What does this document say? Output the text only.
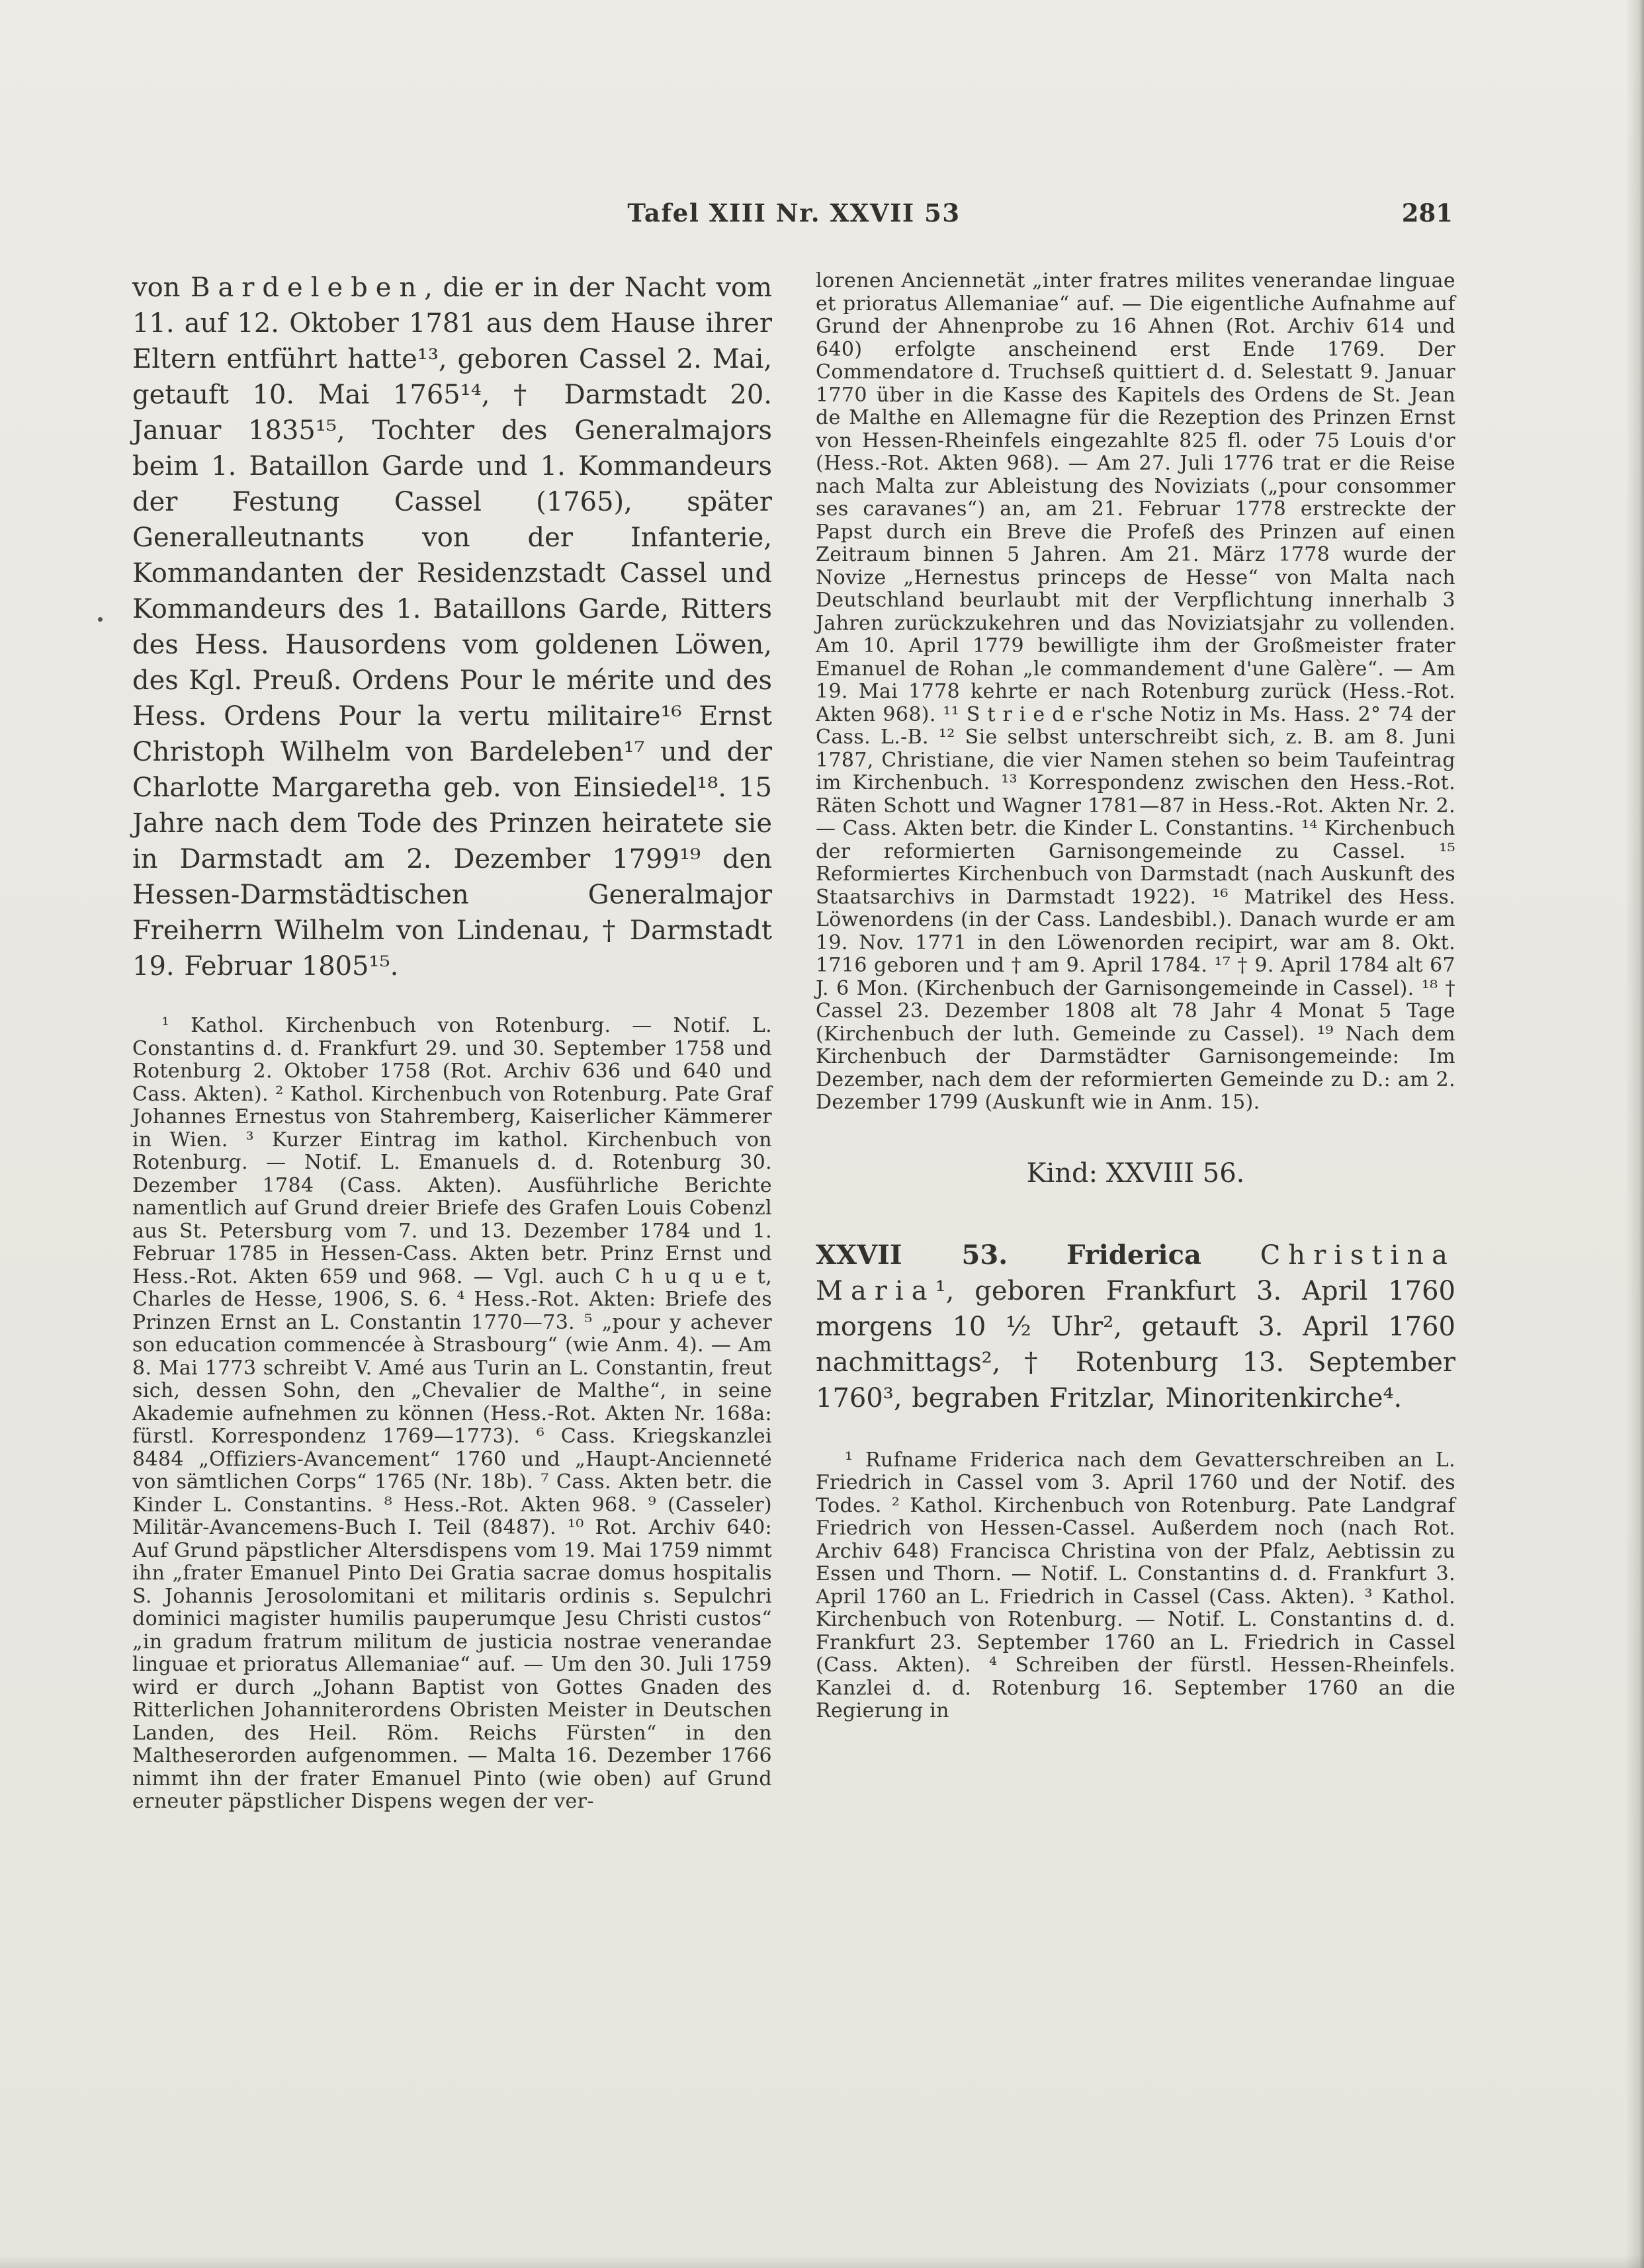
Tafel XIII Nr. XXVII 53	281

von Bardeleben, die er in der Nacht vom 11. auf 12. Oktober 1781 aus dem Hause ihrer Eltern entführt hatte¹³, geboren Cassel 2. Mai, getauft 10. Mai 1765¹⁴, † Darmstadt 20. Januar 1835¹⁵, Tochter des Generalmajors beim 1. Bataillon Garde und 1. Kommandeurs der Festung Cassel (1765), später Generalleutnants von der Infanterie, Kommandanten der Residenzstadt Cassel und Kommandeurs des 1. Bataillons Garde, Ritters des Hess. Hausordens vom goldenen Löwen, des Kgl. Preuß. Ordens Pour le mérite und des Hess. Ordens Pour la vertu militaire¹⁶ Ernst Christoph Wilhelm von Bardeleben¹⁷ und der Charlotte Margaretha geb. von Einsiedel¹⁸. 15 Jahre nach dem Tode des Prinzen heiratete sie in Darmstadt am 2. Dezember 1799¹⁹ den Hessen-Darmstädtischen Generalmajor Freiherrn Wilhelm von Lindenau, † Darmstadt 19. Februar 1805¹⁵.

¹ Kathol. Kirchenbuch von Rotenburg. — Notif. L. Constantins d. d. Frankfurt 29. und 30. September 1758 und Rotenburg 2. Oktober 1758 (Rot. Archiv 636 und 640 und Cass. Akten). ² Kathol. Kirchenbuch von Rotenburg. Pate Graf Johannes Ernestus von Stahremberg, Kaiserlicher Kämmerer in Wien. ³ Kurzer Eintrag im kathol. Kirchenbuch von Rotenburg. — Notif. L. Emanuels d. d. Rotenburg 30. Dezember 1784 (Cass. Akten). Ausführliche Berichte namentlich auf Grund dreier Briefe des Grafen Louis Cobenzl aus St. Petersburg vom 7. und 13. Dezember 1784 und 1. Februar 1785 in Hessen-Cass. Akten betr. Prinz Ernst und Hess.-Rot. Akten 659 und 968. — Vgl. auch C h u q u e t, Charles de Hesse, 1906, S. 6. ⁴ Hess.-Rot. Akten: Briefe des Prinzen Ernst an L. Constantin 1770—73. ⁵ „pour y achever son education commencée à Strasbourg“ (wie Anm. 4). — Am 8. Mai 1773 schreibt V. Amé aus Turin an L. Constantin, freut sich, dessen Sohn, den „Chevalier de Malthe“, in seine Akademie aufnehmen zu können (Hess.-Rot. Akten Nr. 168a: fürstl. Korrespondenz 1769—1773). ⁶ Cass. Kriegskanzlei 8484 „Offiziers-Avancement“ 1760 und „Haupt-Ancienneté von sämtlichen Corps“ 1765 (Nr. 18b). ⁷ Cass. Akten betr. die Kinder L. Constantins. ⁸ Hess.-Rot. Akten 968. ⁹ (Casseler) Militär-Avancemens-Buch I. Teil (8487). ¹⁰ Rot. Archiv 640: Auf Grund päpstlicher Altersdispens vom 19. Mai 1759 nimmt ihn „frater Emanuel Pinto Dei Gratia sacrae domus hospitalis S. Johannis Jerosolomitani et militaris ordinis s. Sepulchri dominici magister humilis pauperumque Jesu Christi custos“ „in gradum fratrum militum de justicia nostrae venerandae linguae et prioratus Allemaniae“ auf. — Um den 30. Juli 1759 wird er durch „Johann Baptist von Gottes Gnaden des Ritterlichen Johanniterordens Obristen Meister in Deutschen Landen, des Heil. Röm. Reichs Fürsten“ in den Maltheserorden aufgenommen. — Malta 16. Dezember 1766 nimmt ihn der frater Emanuel Pinto (wie oben) auf Grund erneuter päpstlicher Dispens wegen der ver-

lorenen Anciennetät „inter fratres milites venerandae linguae et prioratus Allemaniae“ auf. — Die eigentliche Aufnahme auf Grund der Ahnenprobe zu 16 Ahnen (Rot. Archiv 614 und 640) erfolgte anscheinend erst Ende 1769. Der Commendatore d. Truchseß quittiert d. d. Selestatt 9. Januar 1770 über in die Kasse des Kapitels des Ordens de St. Jean de Malthe en Allemagne für die Rezeption des Prinzen Ernst von Hessen-Rheinfels eingezahlte 825 fl. oder 75 Louis d'or (Hess.-Rot. Akten 968). — Am 27. Juli 1776 trat er die Reise nach Malta zur Ableistung des Noviziats („pour consommer ses caravanes“) an, am 21. Februar 1778 erstreckte der Papst durch ein Breve die Profeß des Prinzen auf einen Zeitraum binnen 5 Jahren. Am 21. März 1778 wurde der Novize „Hernestus princeps de Hesse“ von Malta nach Deutschland beurlaubt mit der Verpflichtung innerhalb 3 Jahren zurückzukehren und das Noviziatsjahr zu vollenden. Am 10. April 1779 bewilligte ihm der Großmeister frater Emanuel de Rohan „le commandement d'une Galère“. — Am 19. Mai 1778 kehrte er nach Rotenburg zurück (Hess.-Rot. Akten 968). ¹¹ S t r i e d e r'sche Notiz in Ms. Hass. 2° 74 der Cass. L.-B. ¹² Sie selbst unterschreibt sich, z. B. am 8. Juni 1787, Christiane, die vier Namen stehen so beim Taufeintrag im Kirchenbuch. ¹³ Korrespondenz zwischen den Hess.-Rot. Räten Schott und Wagner 1781—87 in Hess.-Rot. Akten Nr. 2. — Cass. Akten betr. die Kinder L. Constantins. ¹⁴ Kirchenbuch der reformierten Garnisongemeinde zu Cassel. ¹⁵ Reformiertes Kirchenbuch von Darmstadt (nach Auskunft des Staatsarchivs in Darmstadt 1922). ¹⁶ Matrikel des Hess. Löwenordens (in der Cass. Landesbibl.). Danach wurde er am 19. Nov. 1771 in den Löwenorden recipirt, war am 8. Okt. 1716 geboren und † am 9. April 1784. ¹⁷ † 9. April 1784 alt 67 J. 6 Mon. (Kirchenbuch der Garnisongemeinde in Cassel). ¹⁸ † Cassel 23. Dezember 1808 alt 78 Jahr 4 Monat 5 Tage (Kirchenbuch der luth. Gemeinde zu Cassel). ¹⁹ Nach dem Kirchenbuch der Darmstädter Garnisongemeinde: Im Dezember, nach dem der reformierten Gemeinde zu D.: am 2. Dezember 1799 (Auskunft wie in Anm. 15).

Kind: XXVIII 56.

XXVII 53. Friderica Christina Maria¹, geboren Frankfurt 3. April 1760 morgens 10 ¹⁄₂ Uhr², getauft 3. April 1760 nachmittags², † Rotenburg 13. September 1760³, begraben Fritzlar, Minoritenkirche⁴.

¹ Rufname Friderica nach dem Gevatterschreiben an L. Friedrich in Cassel vom 3. April 1760 und der Notif. des Todes. ² Kathol. Kirchenbuch von Rotenburg. Pate Landgraf Friedrich von Hessen-Cassel. Außerdem noch (nach Rot. Archiv 648) Francisca Christina von der Pfalz, Aebtissin zu Essen und Thorn. — Notif. L. Constantins d. d. Frankfurt 3. April 1760 an L. Friedrich in Cassel (Cass. Akten). ³ Kathol. Kirchenbuch von Rotenburg. — Notif. L. Constantins d. d. Frankfurt 23. September 1760 an L. Friedrich in Cassel (Cass. Akten). ⁴ Schreiben der fürstl. Hessen-Rheinfels. Kanzlei d. d. Rotenburg 16. September 1760 an die Regierung in
